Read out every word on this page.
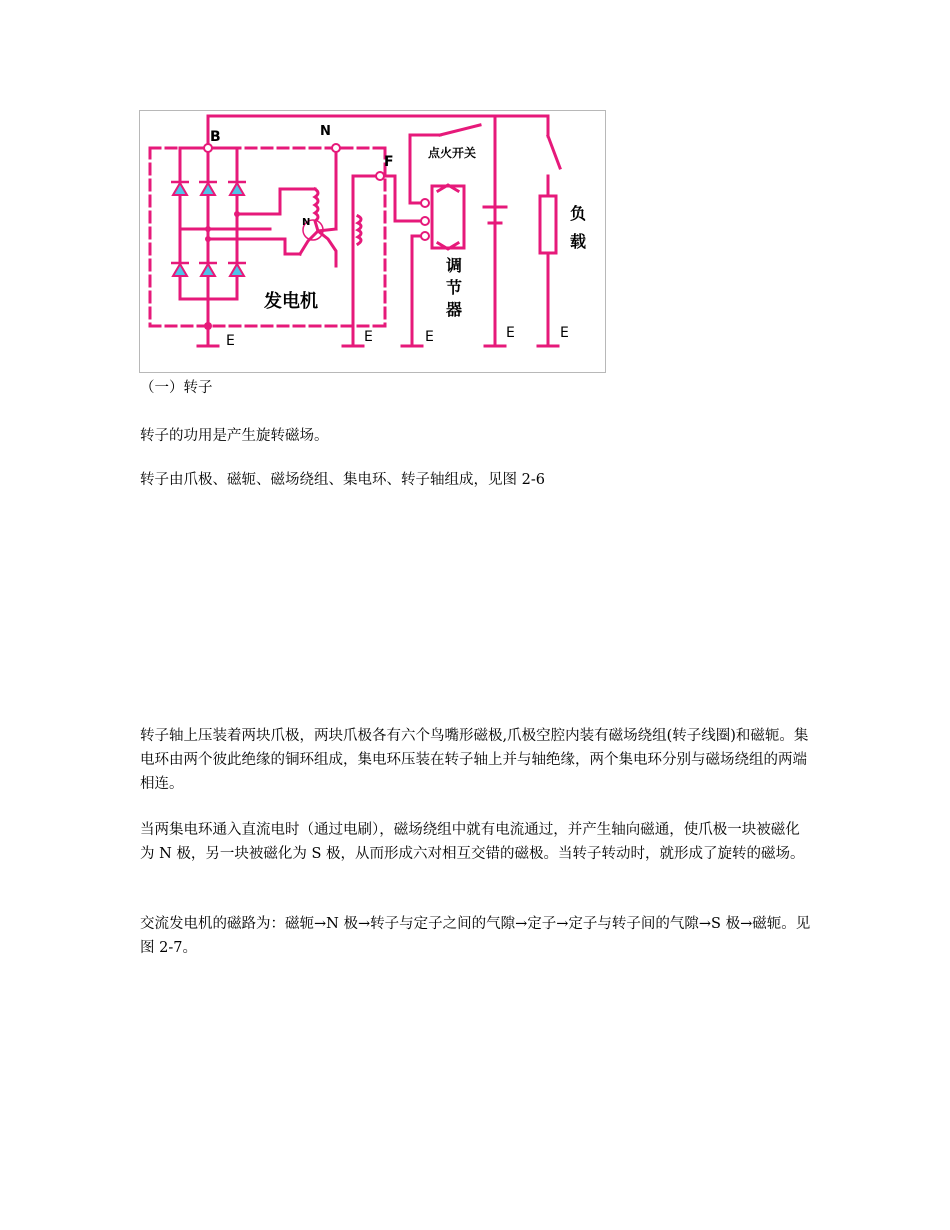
B	N
F
N
点火开关
调
节
器
负
载
发电机
E	E	E	E	E

（一）转子

转子的功用是产生旋转磁场。

转子由爪极、磁轭、磁场绕组、集电环、转子轴组成，见图 2-6

转子轴上压装着两块爪极，两块爪极各有六个鸟嘴形磁极,爪极空腔内装有磁场绕组(转子线圈)和磁轭。集电环由两个彼此绝缘的铜环组成，集电环压装在转子轴上并与轴绝缘，两个集电环分别与磁场绕组的两端相连。

当两集电环通入直流电时（通过电刷），磁场绕组中就有电流通过，并产生轴向磁通，使爪极一块被磁化为 N 极，另一块被磁化为 S 极，从而形成六对相互交错的磁极。当转子转动时，就形成了旋转的磁场。

交流发电机的磁路为：磁轭→N 极→转子与定子之间的气隙→定子→定子与转子间的气隙→S 极→磁轭。见图 2-7。
